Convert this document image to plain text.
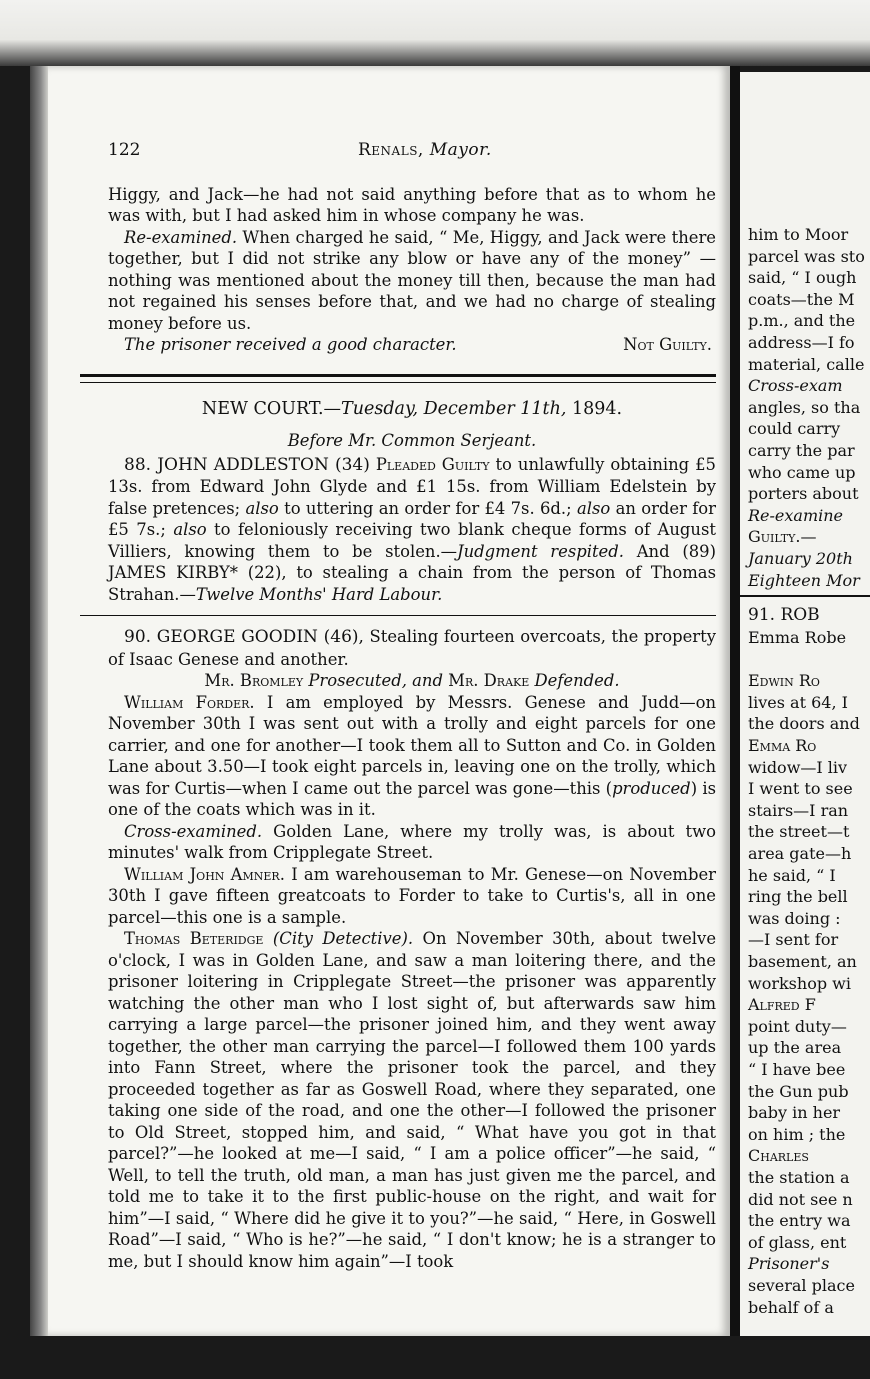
him to Moor
parcel was sto
said, “ I ough
coats—the M
p.m., and the
address—I fo
material, calle
Cross-exam
angles, so tha
could carry
carry the par
who came up
porters about
Re-examine
Guilty.—
January 20th
Eighteen Mor
91. ROB
Emma Robe
Edwin Ro
lives at 64, I
the doors and
Emma Ro
widow—I liv
I went to see
stairs—I ran
the street—t
area gate—h
he said, “ I
ring the bell
was doing :
—I sent for
basement, an
workshop wi
Alfred F
point duty—
up the area
“ I have bee
the Gun pub
baby in her
on him ; the
Charles
the station a
did not see n
the entry wa
of glass, ent
Prisoner's
several place
behalf of a
122	Renals, Mayor.

Higgy, and Jack—he had not said anything before that as to whom he was with, but I had asked him in whose company he was.

Re-examined. When charged he said, “ Me, Higgy, and Jack were there together, but I did not strike any blow or have any of the money” —nothing was mentioned about the money till then, because the man had not regained his senses before that, and we had no charge of stealing money before us.

The prisoner received a good character.	Not Guilty.
NEW COURT.—Tuesday, December 11th, 1894.
Before Mr. Common Serjeant.

88. JOHN ADDLESTON (34) Pleaded Guilty to unlawfully obtaining £5 13s. from Edward John Glyde and £1 15s. from William Edelstein by false pretences; also to uttering an order for £4 7s. 6d.; also an order for £5 7s.; also to feloniously receiving two blank cheque forms of August Villiers, knowing them to be stolen.—Judgment respited. And (89) JAMES KIRBY* (22), to stealing a chain from the person of Thomas Strahan.—Twelve Months' Hard Labour.

90. GEORGE GOODIN (46), Stealing fourteen overcoats, the property of Isaac Genese and another.

Mr. Bromley Prosecuted, and Mr. Drake Defended.

William Forder. I am employed by Messrs. Genese and Judd—on November 30th I was sent out with a trolly and eight parcels for one carrier, and one for another—I took them all to Sutton and Co. in Golden Lane about 3.50—I took eight parcels in, leaving one on the trolly, which was for Curtis—when I came out the parcel was gone—this (produced) is one of the coats which was in it.

Cross-examined. Golden Lane, where my trolly was, is about two minutes' walk from Cripplegate Street.

William John Amner. I am warehouseman to Mr. Genese—on November 30th I gave fifteen greatcoats to Forder to take to Curtis's, all in one parcel—this one is a sample.

Thomas Beteridge (City Detective). On November 30th, about twelve o'clock, I was in Golden Lane, and saw a man loitering there, and the prisoner loitering in Cripplegate Street—the prisoner was apparently watching the other man who I lost sight of, but afterwards saw him carrying a large parcel—the prisoner joined him, and they went away together, the other man carrying the parcel—I followed them 100 yards into Fann Street, where the prisoner took the parcel, and they proceeded together as far as Goswell Road, where they separated, one taking one side of the road, and one the other—I followed the prisoner to Old Street, stopped him, and said, “ What have you got in that parcel?”—he looked at me—I said, “ I am a police officer”—he said, “ Well, to tell the truth, old man, a man has just given me the parcel, and told me to take it to the first public-house on the right, and wait for him”—I said, “ Where did he give it to you?”—he said, “ Here, in Goswell Road”—I said, “ Who is he?”—he said, “ I don't know; he is a stranger to me, but I should know him again”—I took
